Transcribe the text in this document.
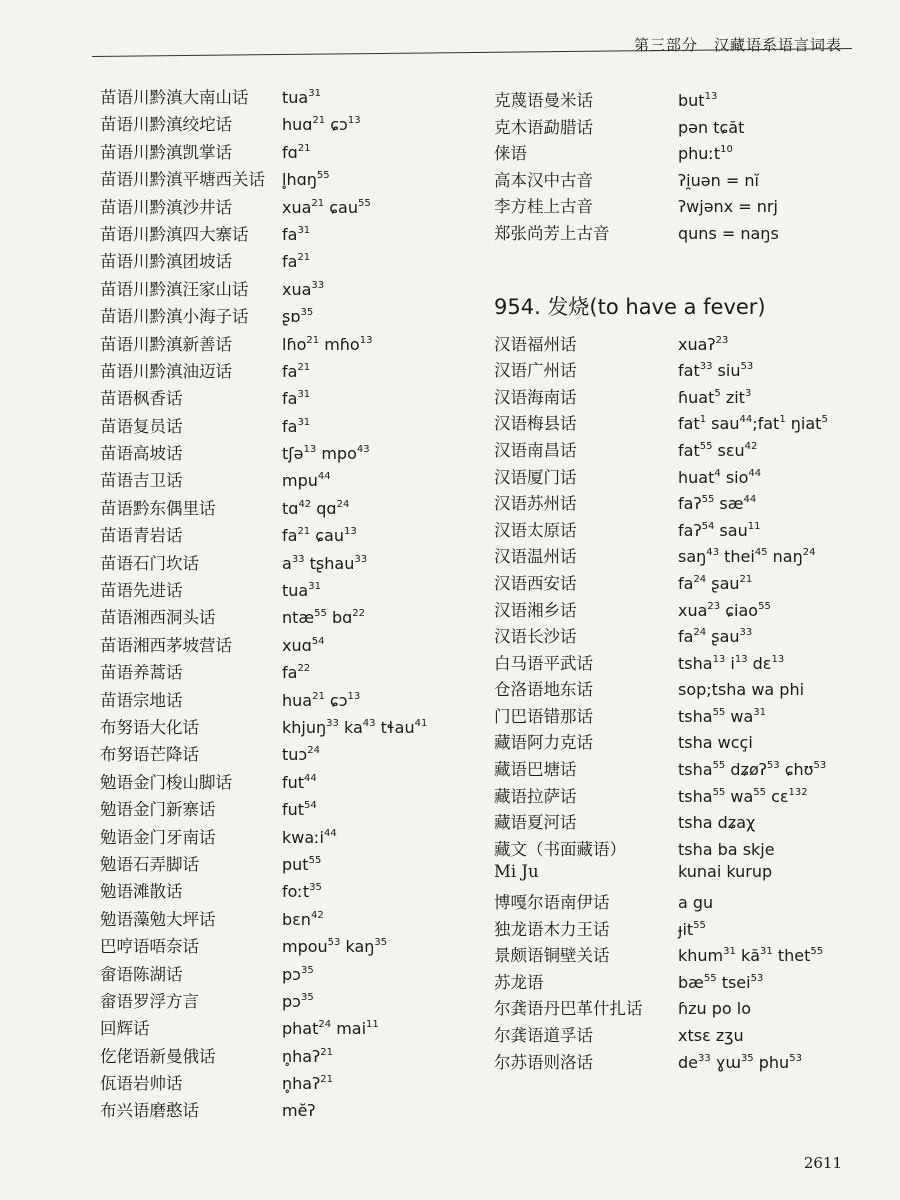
第三部分　汉藏语系语言词表
苗语川黔滇大南山话	tua$^{31}$
苗语川黔滇绞坨话	huɑ$^{21}$ ɕɔ$^{13}$
苗语川黔滇凯掌话	fɑ$^{21}$
苗语川黔滇平塘西关话	l̥hɑŋ$^{55}$
苗语川黔滇沙井话	xua$^{21}$ ɕau$^{55}$
苗语川黔滇四大寨话	$fa^{31}$
苗语川黔滇团坡话	$fa^{21}$
苗语川黔滇汪家山话	xua$^{33}$
苗语川黔滇小海子话	ʂɒ$^{35}$
苗语川黔滇新善话	lɦo$^{21}$ mɦo$^{13}$
苗语川黔滇油迈话	$fa^{21}$
苗语枫香话	$fa^{31}$
苗语复员话	$fa^{31}$
苗语高坡话	tʃə$^{13}$ mpo$^{43}$
苗语吉卫话	mpu$^{44}$
苗语黔东偶里话	tɑ$^{42}$ qɑ$^{24}$
苗语青岩话	$fa^{21}$ ɕau$^{13}$
苗语石门坎话	$a^{33}$ tʂhau$^{33}$
苗语先进话	tua$^{31}$
苗语湘西洞头话	ntæ$^{55}$ bɑ$^{22}$
苗语湘西茅坡营话	xuɑ$^{54}$
苗语养蒿话	$fa^{22}$
苗语宗地话	hua$^{21}$ ɕɔ$^{13}$
布努语大化话	khjuŋ$^{33}$ $ka^{43}$ tɬau$^{41}$
布努语芒降话	tuɔ$^{24}$
勉语金门梭山脚话	fut$^{44}$
勉语金门新寨话	fut$^{54}$
勉语金门牙南话	kwaːi$^{44}$
勉语石弄脚话	put$^{55}$
勉语滩散话	foːt$^{35}$
勉语藻勉大坪话	bɛn$^{42}$
巴哼语唔奈话	mpou$^{53}$ kaŋ$^{35}$
畲语陈湖话	pɔ$^{35}$
畲语罗浮方言	pɔ$^{35}$
回辉话	phat$^{24}$ mai$^{11}$
仡佬语新曼俄话	n̥haʔ$^{21}$
佤语岩帅话	n̥haʔ$^{21}$
布兴语磨憨话	mĕʔ
克蔑语曼米话	but$^{13}$
克木语勐腊话	pən tɕăt
俫语	phuːt$^{10}$
高本汉中古音	ʔi̯uən = nĭ
李方桂上古音	ʔwjənx = nrj
郑张尚芳上古音	quns = naŋs
954. 发烧(to have a fever)
汉语福州话	xuaʔ$^{23}$
汉语广州话	fat$^{33}$ siu$^{53}$
汉语海南话	ɦuat$^5$ zit$^3$
汉语梅县话	fat$^1$ sau$^{44}$;fat$^1$ ŋiat$^5$
汉语南昌话	fat$^{55}$ sɛu$^{42}$
汉语厦门话	huat$^4$ sio$^{44}$
汉语苏州话	faʔ$^{55}$ $sæ^{44}$
汉语太原话	faʔ$^{54}$ sau$^{11}$
汉语温州话	saŋ$^{43}$ thei$^{45}$ naŋ$^{24}$
汉语西安话	$fa^{24}$ ʂau$^{21}$
汉语湘乡话	xua$^{23}$ ɕiao$^{55}$
汉语长沙话	$fa^{24}$ ʂau$^{33}$
白马语平武话	tsha$^{13}$ $i^{13}$ dɛ$^{13}$
仓洛语地东话	sop;tsha wa phi
门巴语错那话	tsha$^{55}$ $wa^{31}$
藏语阿力克话	tsha wcçi
藏语巴塘话	tsha$^{55}$ dʑøʔ$^{53}$ ɕhʊ$^{53}$
藏语拉萨话	tsha$^{55}$ $wa^{55}$ cɛ$^{132}$
藏语夏河话	tsha dʑaχ
藏文（书面藏语）	tsha ba skje
Mi Ju	kunai kurup
博嘎尔语南伊话	a gu
独龙语木力王话	ɟit$^{55}$
景颇语铜壁关话	khum$^{31}$ $kă^{31}$ thet$^{55}$
苏龙语	$bæ^{55}$ tsei$^{53}$
尔龚语丹巴革什扎话	ɦzu po lo
尔龚语道孚话	xtsɛ zʒu
尔苏语则洛话	$de^{33}$ ɣɯ$^{35}$ phu$^{53}$
2611
